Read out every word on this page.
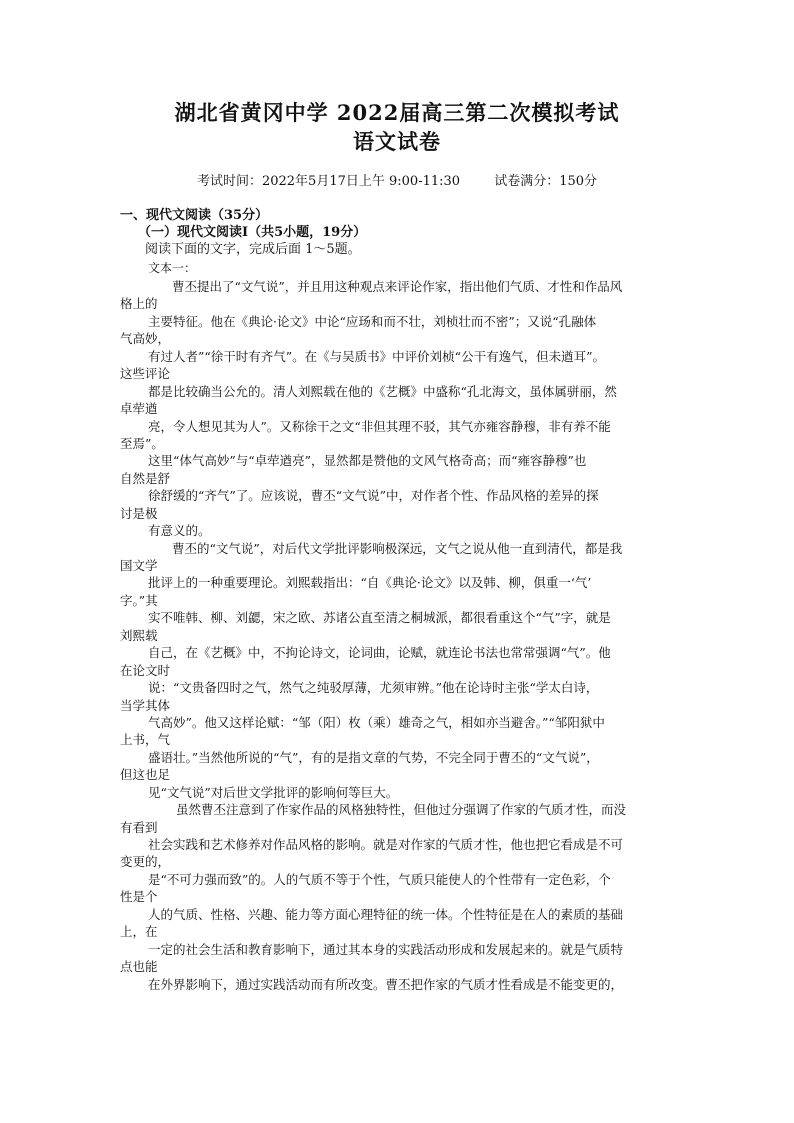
湖北省黄冈中学 2022届高三第二次模拟考试
语文试卷
考试时间：2022年5月17日上午 9:00-11:30	试卷满分：150分
一、现代文阅读（35分）
（一）现代文阅读Ⅰ（共5小题，19分）
阅读下面的文字，完成后面 1～5题。
文本一：
曹丕提出了“文气说”，并且用这种观点来评论作家，指出他们气质、才性和作品风
格上的
主要特征。他在《典论·论文》中论“应玚和而不壮，刘桢壮而不密”；又说“孔融体
气高妙，
有过人者”“徐干时有齐气”。在《与吴质书》中评价刘桢“公干有逸气，但未遒耳”。
这些评论
都是比较确当公允的。清人刘熙载在他的《艺概》中盛称“孔北海文，虽体属骈丽，然
卓荦遒
亮，令人想见其为人”。又称徐干之文“非但其理不驳，其气亦雍容静穆，非有养不能
至焉”。
这里“体气高妙”与“卓荦遒亮”，显然都是赞他的文风气格奇高；而“雍容静穆”也
自然是舒
徐舒缓的“齐气”了。应该说，曹丕“文气说”中，对作者个性、作品风格的差异的探
讨是极
有意义的。
曹丕的“文气说”，对后代文学批评影响极深远，文气之说从他一直到清代，都是我
国文学
批评上的一种重要理论。刘熙载指出：“自《典论·论文》以及韩、柳，俱重一‘气’
字。”其
实不唯韩、柳、刘勰，宋之欧、苏诸公直至清之桐城派，都很看重这个“气”字，就是
刘熙载
自己，在《艺概》中，不拘论诗文，论词曲，论赋，就连论书法也常常强调“气”。他
在论文时
说：“文贵备四时之气，然气之纯驳厚薄，尤须审辨。”他在论诗时主张“学太白诗，
当学其体
气高妙”。他又这样论赋：“邹（阳）枚（乘）雄奇之气，相如亦当避舍。”“邹阳狱中
上书，气
盛语壮。”当然他所说的“气”，有的是指文章的气势，不完全同于曹丕的“文气说”，
但这也足
见“文气说”对后世文学批评的影响何等巨大。
虽然曹丕注意到了作家作品的风格独特性，但他过分强调了作家的气质才性，而没
有看到
社会实践和艺术修养对作品风格的影响。就是对作家的气质才性，他也把它看成是不可
变更的，
是“不可力强而致”的。人的气质不等于个性，气质只能使人的个性带有一定色彩，个
性是个
人的气质、性格、兴趣、能力等方面心理特征的统一体。个性特征是在人的素质的基础
上，在
一定的社会生活和教育影响下，通过其本身的实践活动形成和发展起来的。就是气质特
点也能
在外界影响下，通过实践活动而有所改变。曹丕把作家的气质才性看成是不能变更的，
